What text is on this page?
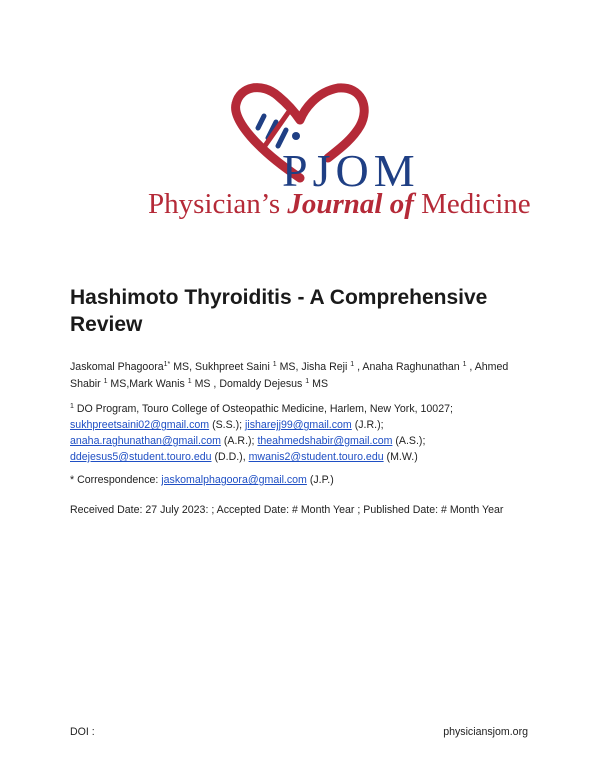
PJOM
Physician’s Journal of Medicine
Hashimoto Thyroiditis - A Comprehensive Review
Jaskomal Phagoora$^{1*}$ MS, Sukhpreet Saini $^1$ MS, Jisha Reji $^1$ , Anaha Raghunathan $^1$ , Ahmed Shabir $^1$ MS,Mark Wanis $^1$ MS , Domaldy Dejesus $^1$ MS
$^1$ DO Program, Touro College of Osteopathic Medicine, Harlem, New York, 10027;
sukhpreetsaini02@gmail.com (S.S.); jisharejj99@gmail.com (J.R.);
anaha.raghunathan@gmail.com (A.R.); theahmedshabir@gmail.com (A.S.);
ddejesus5@student.touro.edu (D.D.), mwanis2@student.touro.edu (M.W.)
* Correspondence: jaskomalphagoora@gmail.com (J.P.)
Received Date: 27 July 2023: ; Accepted Date: # Month Year ; Published Date: # Month Year
DOI :	physiciansjom.org
